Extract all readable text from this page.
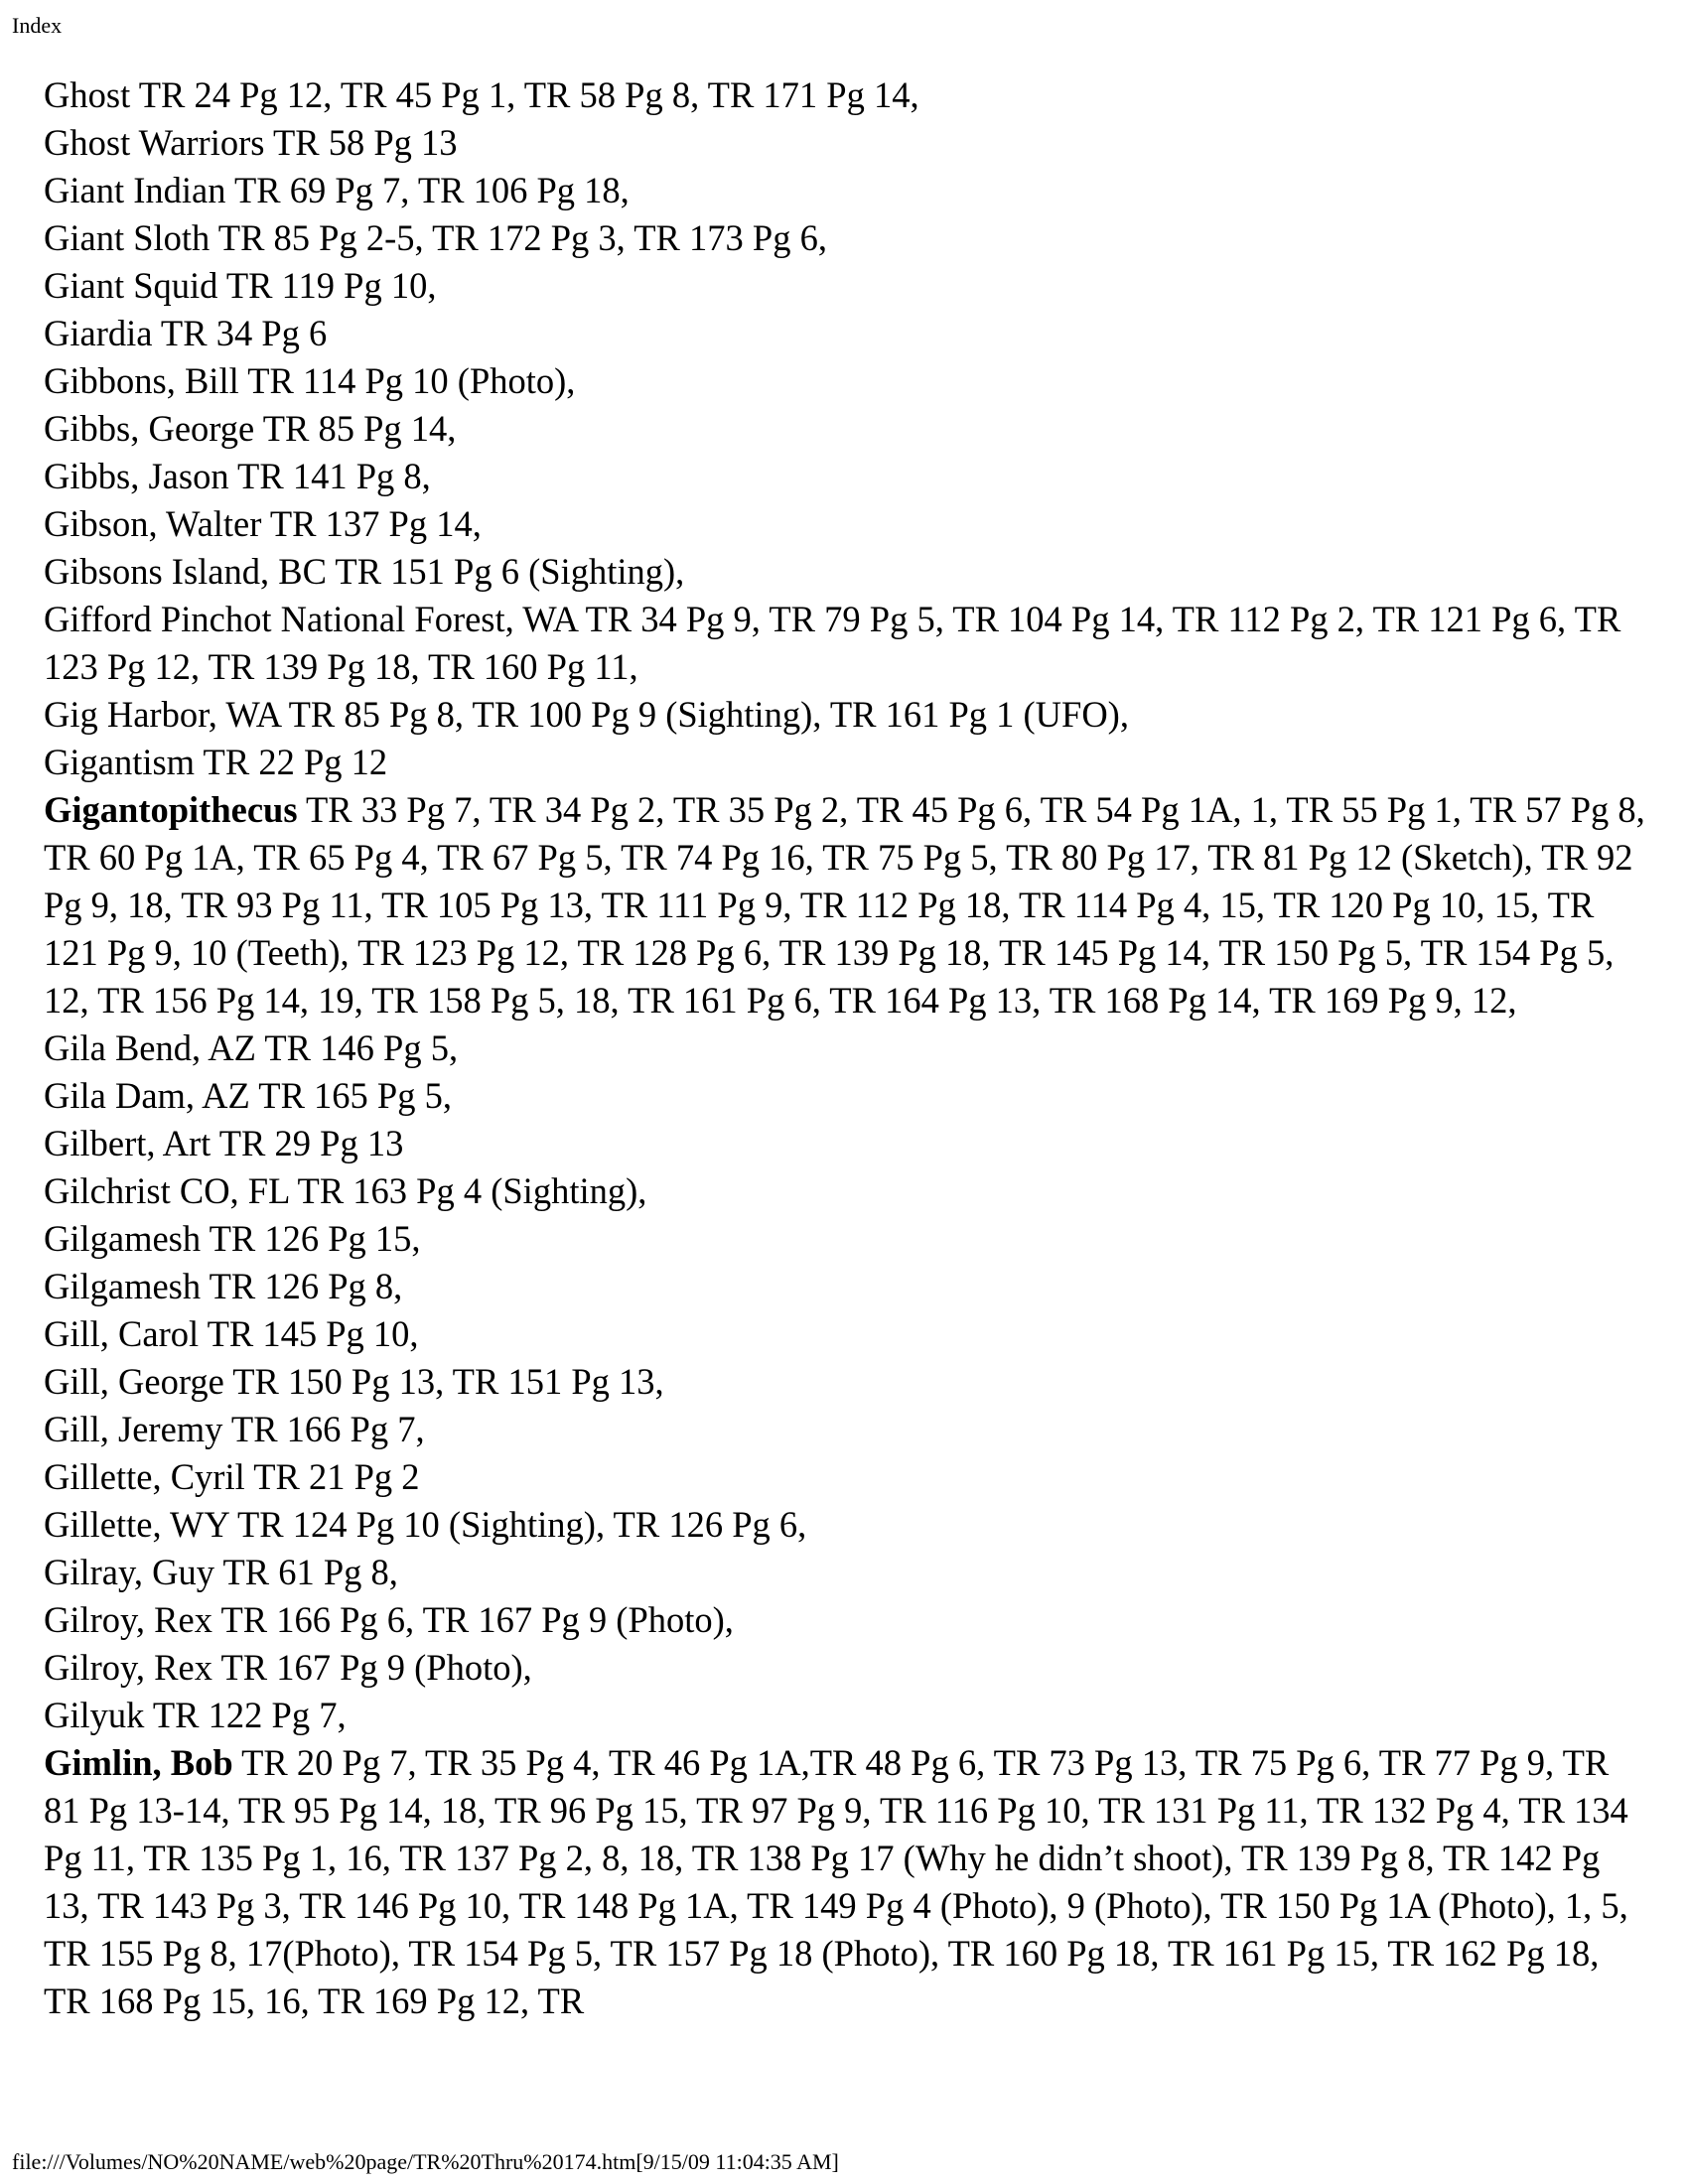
Index
Ghost TR 24 Pg 12, TR 45 Pg 1, TR 58 Pg 8, TR 171 Pg 14,
Ghost Warriors TR 58 Pg 13
Giant Indian TR 69 Pg 7, TR 106 Pg 18,
Giant Sloth TR 85 Pg 2-5, TR 172 Pg 3, TR 173 Pg 6,
Giant Squid TR 119 Pg 10,
Giardia TR 34 Pg 6
Gibbons, Bill TR 114 Pg 10 (Photo),
Gibbs, George TR 85 Pg 14,
Gibbs, Jason TR 141 Pg 8,
Gibson, Walter TR 137 Pg 14,
Gibsons Island, BC TR 151 Pg 6 (Sighting),
Gifford Pinchot National Forest, WA TR 34 Pg 9, TR 79 Pg 5, TR 104 Pg 14, TR 112 Pg 2, TR 121 Pg 6, TR 123 Pg 12, TR 139 Pg 18, TR 160 Pg 11,
Gig Harbor, WA TR 85 Pg 8, TR 100 Pg 9 (Sighting), TR 161 Pg 1 (UFO),
Gigantism TR 22 Pg 12
Gigantopithecus TR 33 Pg 7, TR 34 Pg 2, TR 35 Pg 2, TR 45 Pg 6, TR 54 Pg 1A, 1, TR 55 Pg 1, TR 57 Pg 8, TR 60 Pg 1A, TR 65 Pg 4, TR 67 Pg 5, TR 74 Pg 16, TR 75 Pg 5, TR 80 Pg 17, TR 81 Pg 12 (Sketch), TR 92 Pg 9, 18, TR 93 Pg 11, TR 105 Pg 13, TR 111 Pg 9, TR 112 Pg 18, TR 114 Pg 4, 15, TR 120 Pg 10, 15, TR 121 Pg 9, 10 (Teeth), TR 123 Pg 12, TR 128 Pg 6, TR 139 Pg 18, TR 145 Pg 14, TR 150 Pg 5, TR 154 Pg 5, 12, TR 156 Pg 14, 19, TR 158 Pg 5, 18, TR 161 Pg 6, TR 164 Pg 13, TR 168 Pg 14, TR 169 Pg 9, 12,
Gila Bend, AZ TR 146 Pg 5,
Gila Dam, AZ TR 165 Pg 5,
Gilbert, Art TR 29 Pg 13
Gilchrist CO, FL TR 163 Pg 4 (Sighting),
Gilgamesh TR 126 Pg 15,
Gilgamesh TR 126 Pg 8,
Gill, Carol TR 145 Pg 10,
Gill, George TR 150 Pg 13, TR 151 Pg 13,
Gill, Jeremy TR 166 Pg 7,
Gillette, Cyril TR 21 Pg 2
Gillette, WY TR 124 Pg 10 (Sighting), TR 126 Pg 6,
Gilray, Guy TR 61 Pg 8,
Gilroy, Rex TR 166 Pg 6, TR 167 Pg 9 (Photo),
Gilroy, Rex TR 167 Pg 9 (Photo),
Gilyuk TR 122 Pg 7,
Gimlin, Bob TR 20 Pg 7, TR 35 Pg 4, TR 46 Pg 1A,TR 48 Pg 6, TR 73 Pg 13, TR 75 Pg 6, TR 77 Pg 9, TR 81 Pg 13-14, TR 95 Pg 14, 18, TR 96 Pg 15, TR 97 Pg 9, TR 116 Pg 10, TR 131 Pg 11, TR 132 Pg 4, TR 134 Pg 11, TR 135 Pg 1, 16, TR 137 Pg 2, 8, 18, TR 138 Pg 17 (Why he didn’t shoot), TR 139 Pg 8, TR 142 Pg 13, TR 143 Pg 3, TR 146 Pg 10, TR 148 Pg 1A, TR 149 Pg 4 (Photo), 9 (Photo), TR 150 Pg 1A (Photo), 1, 5, TR 155 Pg 8, 17(Photo), TR 154 Pg 5, TR 157 Pg 18 (Photo), TR 160 Pg 18, TR 161 Pg 15, TR 162 Pg 18, TR 168 Pg 15, 16, TR 169 Pg 12, TR
file:///Volumes/NO%20NAME/web%20page/TR%20Thru%20174.htm[9/15/09 11:04:35 AM]
